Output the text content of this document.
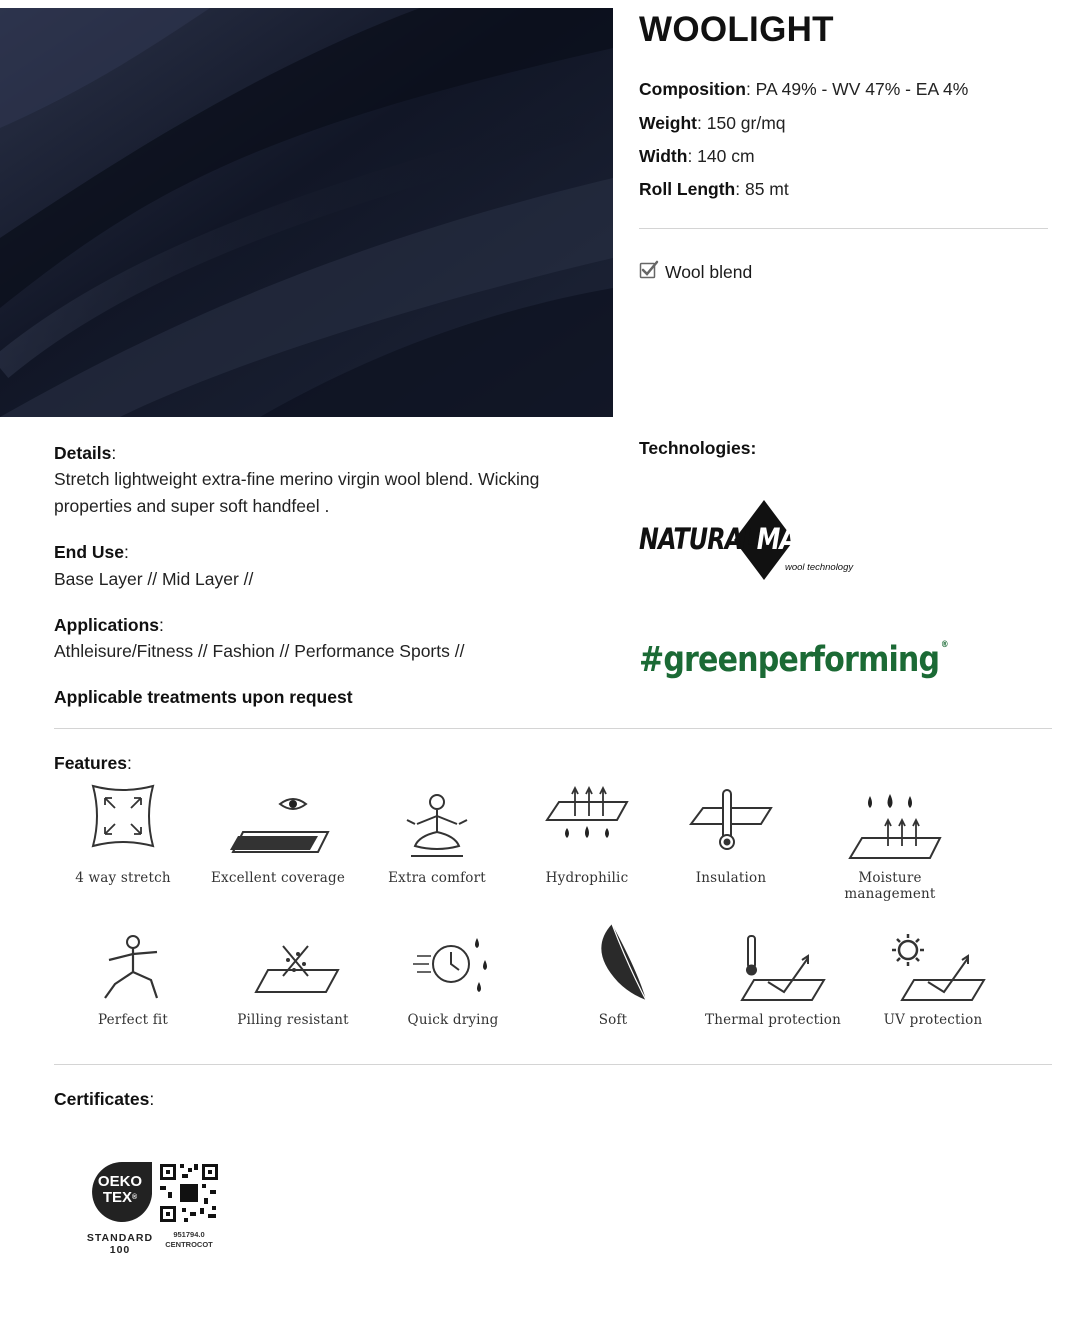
WOOLIGHT
Composition: PA 49% - WV 47% - EA 4%
Weight: 150 gr/mq
Width: 140 cm
Roll Length: 85 mt
Wool blend
Details:
Stretch lightweight extra-fine merino virgin wool blend. Wicking properties and super soft handfeel .
End Use:
Base Layer // Mid Layer //
Applications:
Athleisure/Fitness // Fashion // Performance Sports //
Applicable treatments upon request
Technologies:
NATURALMATCH
wool technology
#greenperforming ®
Features:
4 way stretch	Excellent coverage	Extra comfort	Hydrophilic	Insulation	Moisture management
Perfect fit	Pilling resistant	Quick drying	Soft	Thermal protection	UV protection
Certificates:
OEKO
TEX®
STANDARD
100
951794.0
CENTROCOT
